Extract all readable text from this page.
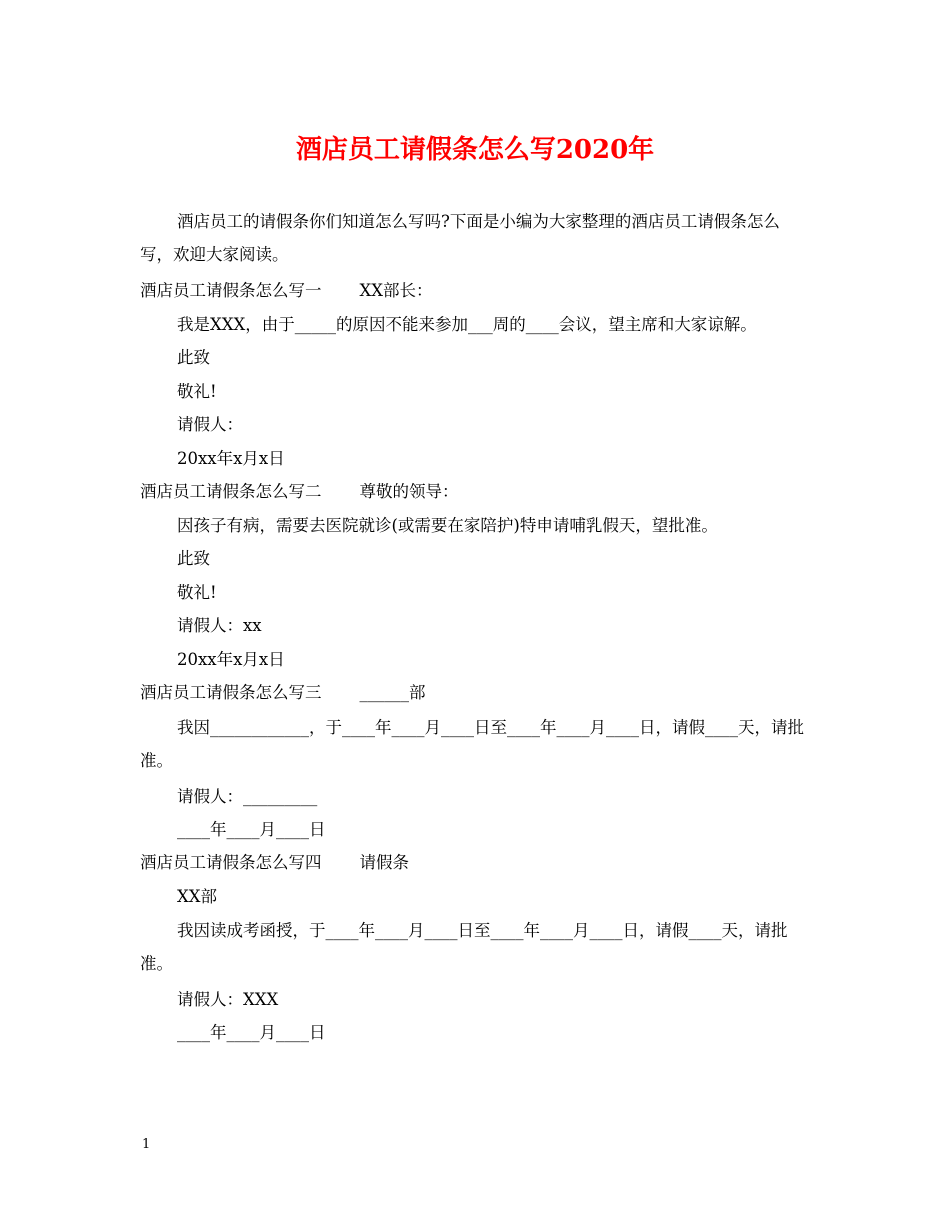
酒店员工请假条怎么写2020年
酒店员工的请假条你们知道怎么写吗?下面是小编为大家整理的酒店员工请假条怎么写，欢迎大家阅读。
酒店员工请假条怎么写一 XX部长：
我是XXX，由于_____的原因不能来参加___周的____会议，望主席和大家谅解。
此致
敬礼!
请假人：
20xx年x月x日
酒店员工请假条怎么写二 尊敬的领导：
因孩子有病，需要去医院就诊(或需要在家陪护)特申请哺乳假天，望批准。
此致
敬礼!
请假人：xx
20xx年x月x日
酒店员工请假条怎么写三 ______部
我因____________，于____年____月____日至____年____月____日，请假____天，请批准。
请假人：_________
____年____月____日
酒店员工请假条怎么写四 请假条
XX部
我因读成考函授，于____年____月____日至____年____月____日，请假____天，请批准。
请假人：XXX
____年____月____日
1
